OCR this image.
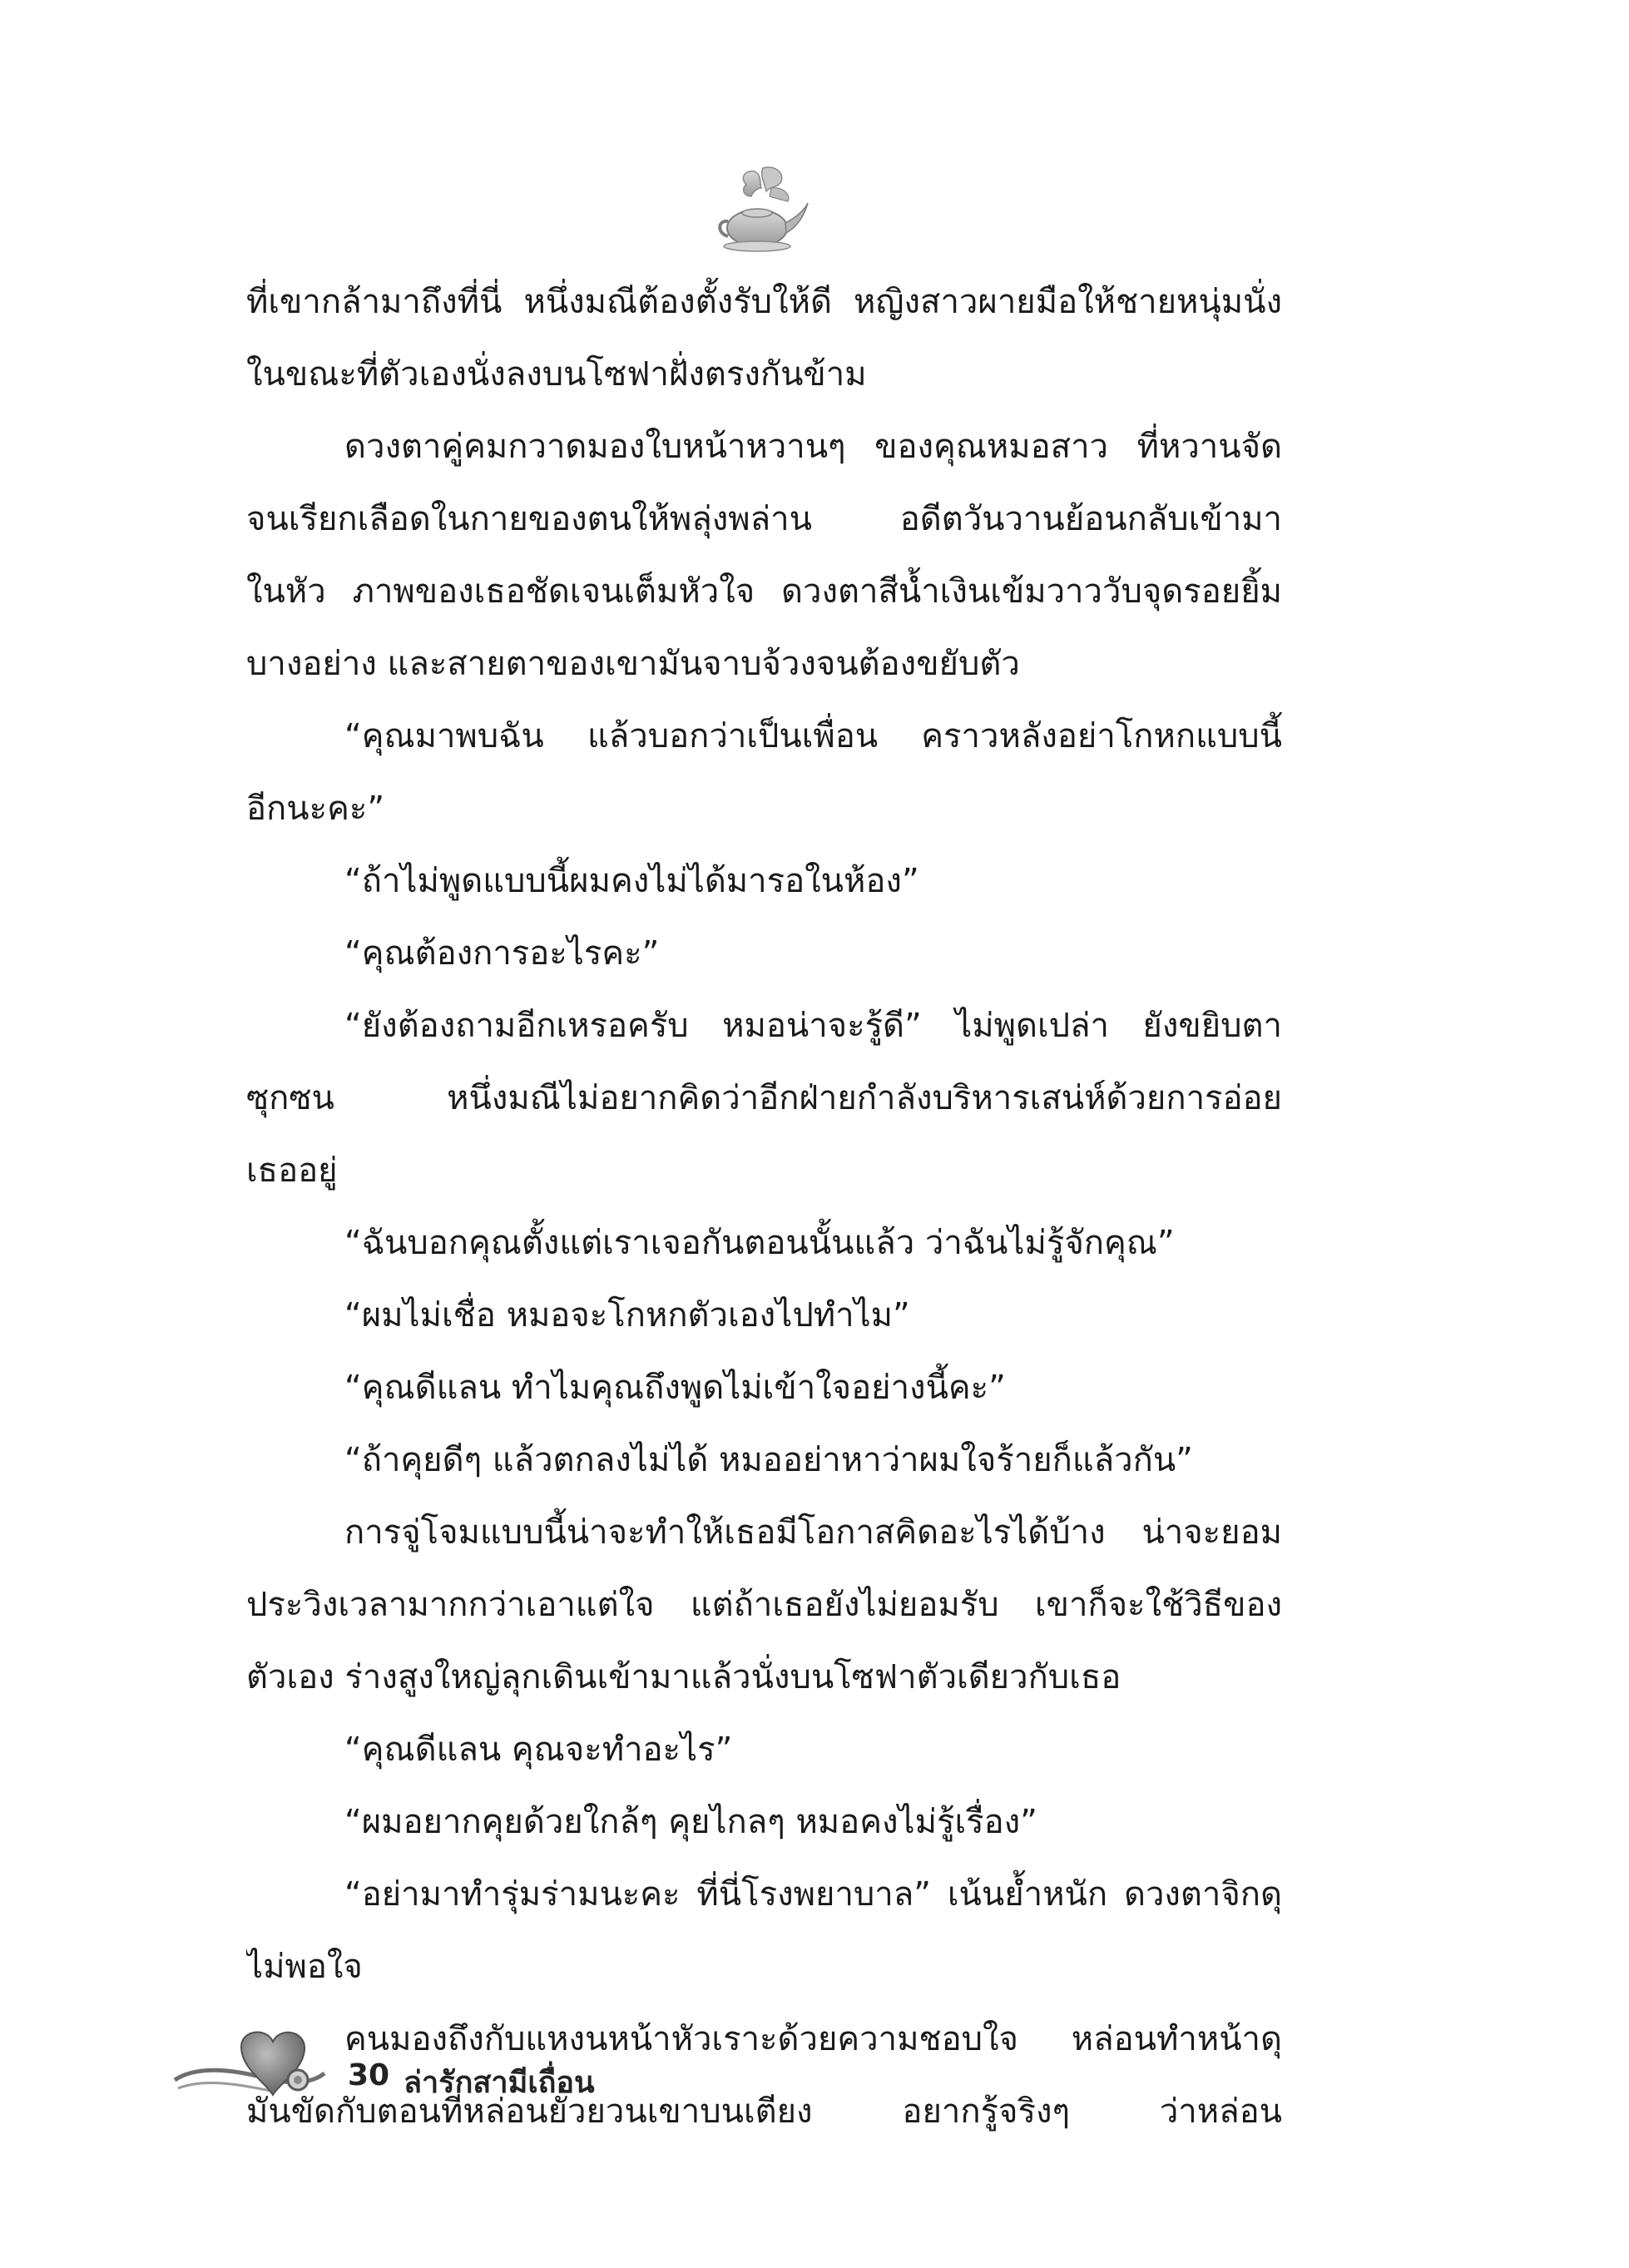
ที่เขากล้ามาถึงที่นี่ หนึ่งมณีต้องตั้งรับให้ดี หญิงสาวผายมือให้ชายหนุ่มนั่ง
ในขณะที่ตัวเองนั่งลงบนโซฟาฝั่งตรงกันข้าม
ดวงตาคู่คมกวาดมองใบหน้าหวานๆ ของคุณหมอสาว ที่หวานจัด
จนเรียกเลือดในกายของตนให้พลุ่งพล่าน อดีตวันวานย้อนกลับเข้ามา
ในหัว ภาพของเธอชัดเจนเต็มหัวใจ ดวงตาสีน้ำเงินเข้มวาววับจุดรอยยิ้ม
บางอย่าง และสายตาของเขามันจาบจ้วงจนต้องขยับตัว
“คุณมาพบฉัน แล้วบอกว่าเป็นเพื่อน คราวหลังอย่าโกหกแบบนี้
อีกนะคะ”
“ถ้าไม่พูดแบบนี้ผมคงไม่ได้มารอในห้อง”
“คุณต้องการอะไรคะ”
“ยังต้องถามอีกเหรอครับ หมอน่าจะรู้ดี” ไม่พูดเปล่า ยังขยิบตา
ซุกซน หนึ่งมณีไม่อยากคิดว่าอีกฝ่ายกำลังบริหารเสน่ห์ด้วยการอ่อย
เธออยู่
“ฉันบอกคุณตั้งแต่เราเจอกันตอนนั้นแล้ว ว่าฉันไม่รู้จักคุณ”
“ผมไม่เชื่อ หมอจะโกหกตัวเองไปทำไม”
“คุณดีแลน ทำไมคุณถึงพูดไม่เข้าใจอย่างนี้คะ”
“ถ้าคุยดีๆ แล้วตกลงไม่ได้ หมออย่าหาว่าผมใจร้ายก็แล้วกัน”
การจู่โจมแบบนี้น่าจะทำให้เธอมีโอกาสคิดอะไรได้บ้าง น่าจะยอม
ประวิงเวลามากกว่าเอาแต่ใจ แต่ถ้าเธอยังไม่ยอมรับ เขาก็จะใช้วิธีของ
ตัวเอง ร่างสูงใหญ่ลุกเดินเข้ามาแล้วนั่งบนโซฟาตัวเดียวกับเธอ
“คุณดีแลน คุณจะทำอะไร”
“ผมอยากคุยด้วยใกล้ๆ คุยไกลๆ หมอคงไม่รู้เรื่อง”
“อย่ามาทำรุ่มร่ามนะคะ ที่นี่โรงพยาบาล” เน้นย้ำหนัก ดวงตาจิกดุ
ไม่พอใจ
คนมองถึงกับแหงนหน้าหัวเราะด้วยความชอบใจ หล่อนทำหน้าดุ
มันขัดกับตอนที่หล่อนยั่วยวนเขาบนเตียง อยากรู้จริงๆ ว่าหล่อน
30 ล่ารักสามีเถื่อน
